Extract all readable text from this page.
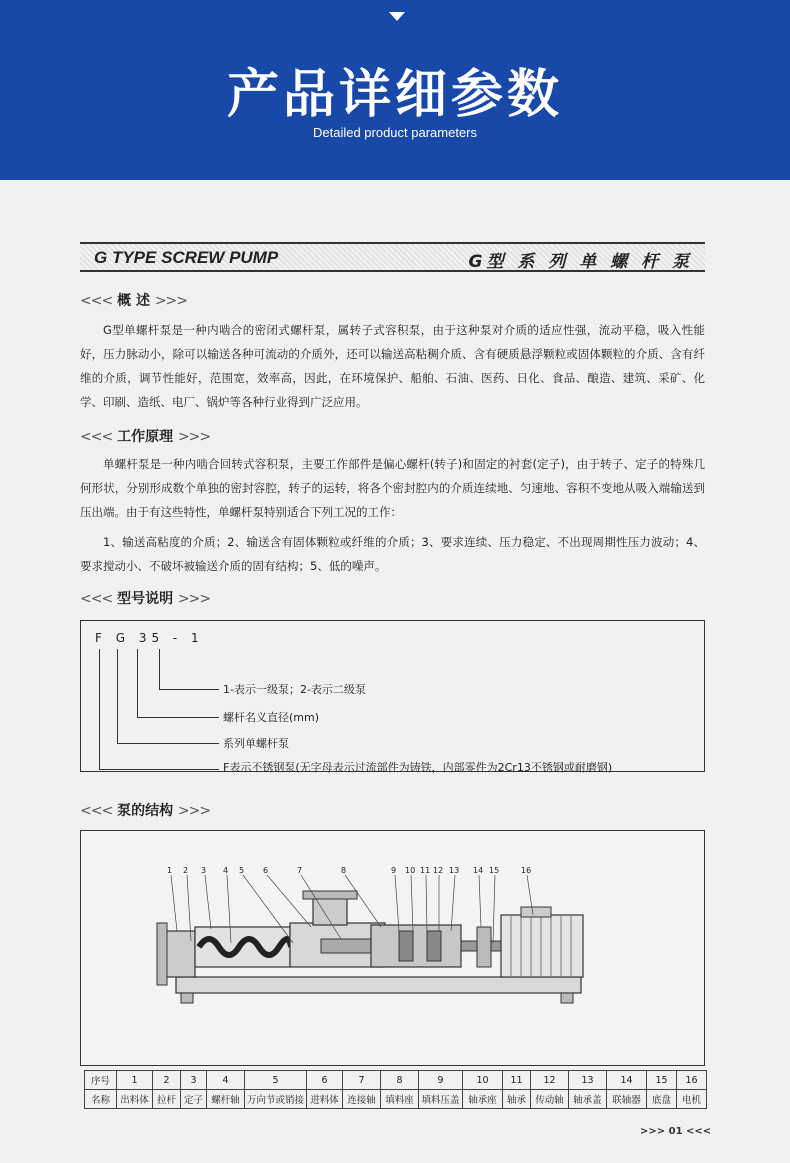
产品详细参数
Detailed product parameters
G TYPE SCREW PUMP	G型 系 列 单 螺 杆 泵
<<< 概 述 >>>
G型单螺杆泵是一种内啮合的密闭式螺杆泵，属转子式容积泵，由于这种泵对介质的适应性强，流动平稳，吸入性能好，压力脉动小，除可以输送各种可流动的介质外，还可以输送高粘稠介质、含有硬质悬浮颗粒或固体颗粒的介质、含有纤维的介质，调节性能好，范围宽，效率高，因此，在环境保护、船舶、石油、医药、日化、食品、酿造、建筑、采矿、化学、印刷、造纸、电厂、锅炉等各种行业得到广泛应用。
<<< 工作原理 >>>
单螺杆泵是一种内啮合回转式容积泵，主要工作部件是偏心螺杆(转子)和固定的衬套(定子)，由于转子、定子的特殊几何形状，分别形成数个单独的密封容腔，转子的运转，将各个密封腔内的介质连续地、匀速地、容积不变地从吸入端输送到压出端。由于有这些特性，单螺杆泵特别适合下列工况的工作：
1、输送高粘度的介质；2、输送含有固体颗粒或纤维的介质；3、要求连续、压力稳定、不出现周期性压力波动；4、要求搅动小、不破坏被输送介质的固有结构；5、低的噪声。
<<< 型号说明 >>>
F G 35 - 1
1-表示一级泵；2-表示二级泵
螺杆名义直径(mm)
系列单螺杆泵
F表示不锈钢泵(无字母表示过流部件为铸铁，内部零件为2Cr13不锈钢或耐磨钢)
<<< 泵的结构 >>>
1 2 3 4 5 6	7	8	9 10 11 12 13 14 15	16
序号	1	2	3	4	5	6	7	8	9	10	11	12	13	14	15	16
名称	出料体	拉杆	定子	螺杆轴	万向节或销接	进料体	连接轴	填料座	填料压盖	轴承座	轴承	传动轴	轴承盖	联轴器	底盘	电机
>>> 01 <<<
